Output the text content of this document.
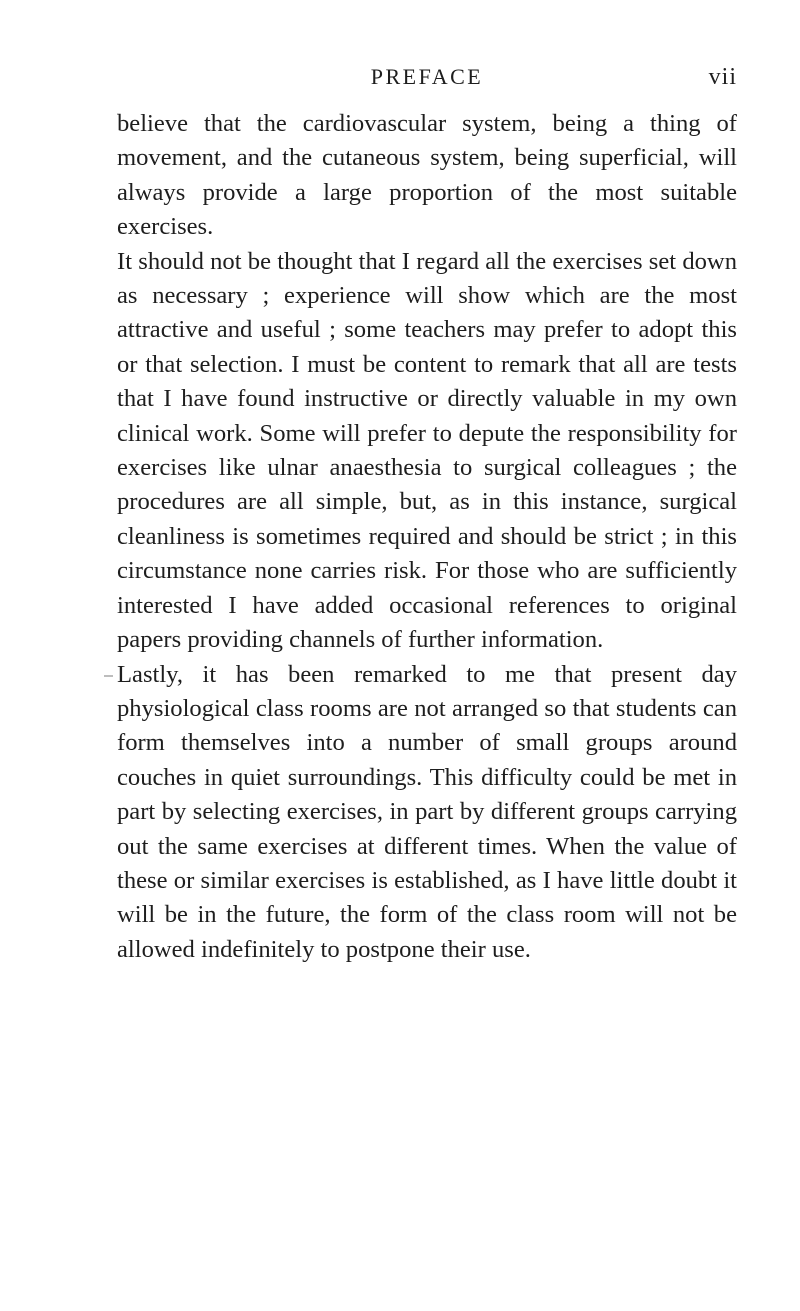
PREFACE	vii

believe that the cardiovascular system, being a thing of movement, and the cutaneous system, being superficial, will always provide a large proportion of the most suitable exercises.

It should not be thought that I regard all the exercises set down as necessary ; experience will show which are the most attractive and useful ; some teachers may prefer to adopt this or that selection. I must be content to remark that all are tests that I have found instructive or directly valuable in my own clinical work. Some will prefer to depute the responsibility for exercises like ulnar anaesthesia to surgical colleagues ; the procedures are all simple, but, as in this instance, surgical cleanliness is sometimes required and should be strict ; in this circumstance none carries risk. For those who are sufficiently interested I have added occasional references to original papers providing channels of further information.

Lastly, it has been remarked to me that present day physiological class rooms are not arranged so that students can form themselves into a number of small groups around couches in quiet surroundings. This difficulty could be met in part by selecting exercises, in part by different groups carrying out the same exercises at different times. When the value of these or similar exercises is established, as I have little doubt it will be in the future, the form of the class room will not be allowed indefinitely to postpone their use.
